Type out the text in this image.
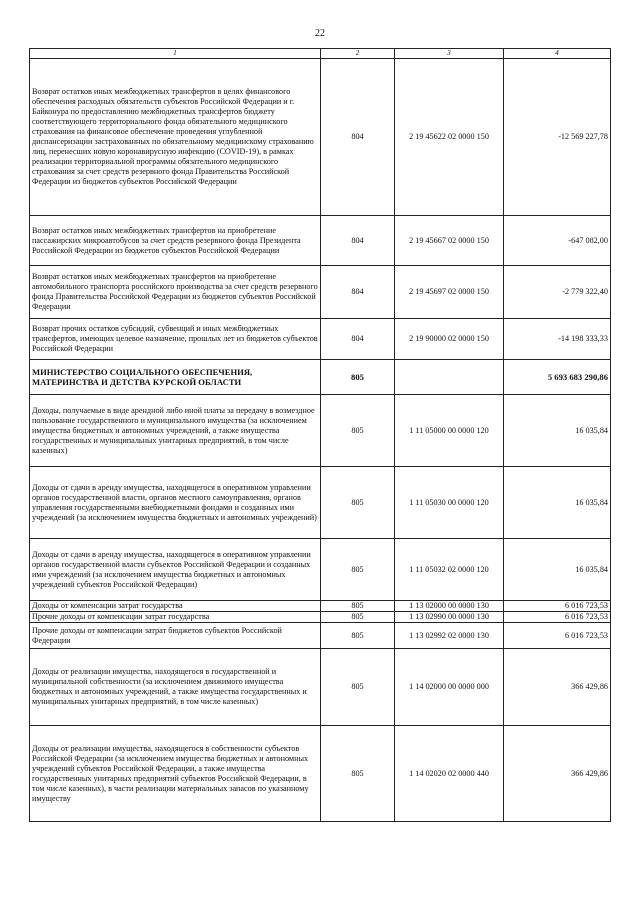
22
1	2	3	4
Возврат остатков иных межбюджетных трансфертов в целях финансового обеспечения расходных обязательств субъектов Российской Федерации и г. Байконура по предоставлению межбюджетных трансфертов бюджету соответствующего территориального фонда обязательного медицинского страхования на финансовое обеспечение проведения углубленной диспансеризации застрахованных по обязательному медицинскому страхованию лиц, перенесших новую коронавирусную инфекцию (COVID-19), в рамках реализации территориальной программы обязательного медицинского страхования за счет средств резервного фонда Правительства Российской Федерации из бюджетов субъектов Российской Федерации	804	2 19 45622 02 0000 150	-12 569 227,78
Возврат остатков иных межбюджетных трансфертов на приобретение пассажирских микроавтобусов за счет средств резервного фонда Президента Российской Федерации из бюджетов субъектов Российской Федерации	804	2 19 45667 02 0000 150	-647 082,00
Возврат остатков иных межбюджетных трансфертов на приобретение автомобильного транспорта российского производства за счет средств резервного фонда Правительства Российской Федерации из бюджетов субъектов Российской Федерации	804	2 19 45697 02 0000 150	-2 779 322,40
Возврат прочих остатков субсидий, субвенций и иных межбюджетных трансфертов, имеющих целевое назначение, прошлых лет из бюджетов субъектов Российской Федерации	804	2 19 90000 02 0000 150	-14 198 333,33
МИНИСТЕРСТВО СОЦИАЛЬНОГО ОБЕСПЕЧЕНИЯ, МАТЕРИНСТВА И ДЕТСТВА КУРСКОЙ ОБЛАСТИ	805		5 693 683 290,86
Доходы, получаемые в виде арендной либо иной платы за передачу в возмездное пользование государственного и муниципального имущества (за исключением имущества бюджетных и автономных учреждений, а также имущества государственных и муниципальных унитарных предприятий, в том числе казенных)	805	1 11 05000 00 0000 120	16 035,84
Доходы от сдачи в аренду имущества, находящегося в оперативном управлении органов государственной власти, органов местного самоуправления, органов управления государственными внебюджетными фондами и созданных ими учреждений (за исключением имущества бюджетных и автономных учреждений)	805	1 11 05030 00 0000 120	16 035,84
Доходы от сдачи в аренду имущества, находящегося в оперативном управлении органов государственной власти субъектов Российской Федерации и созданных ими учреждений (за исключением имущества бюджетных и автономных учреждений субъектов Российской Федерации)	805	1 11 05032 02 0000 120	16 035,84
Доходы от компенсации затрат государства	805	1 13 02000 00 0000 130	6 016 723,53
Прочие доходы от компенсации затрат государства	805	1 13 02990 00 0000 130	6 016 723,53
Прочие доходы от компенсации затрат бюджетов субъектов Российской Федерации	805	1 13 02992 02 0000 130	6 016 723,53
Доходы от реализации имущества, находящегося в государственной и муниципальной собственности (за исключением движимого имущества бюджетных и автономных учреждений, а также имущества государственных и муниципальных унитарных предприятий, в том числе казенных)	805	1 14 02000 00 0000 000	366 429,86
Доходы от реализации имущества, находящегося в собственности субъектов Российской Федерации (за исключением имущества бюджетных и автономных учреждений субъектов Российской Федерации, а также имущества государственных унитарных предприятий субъектов Российской Федерации, в том числе казенных), в части реализации материальных запасов по указанному имуществу	805	1 14 02020 02 0000 440	366 429,86
